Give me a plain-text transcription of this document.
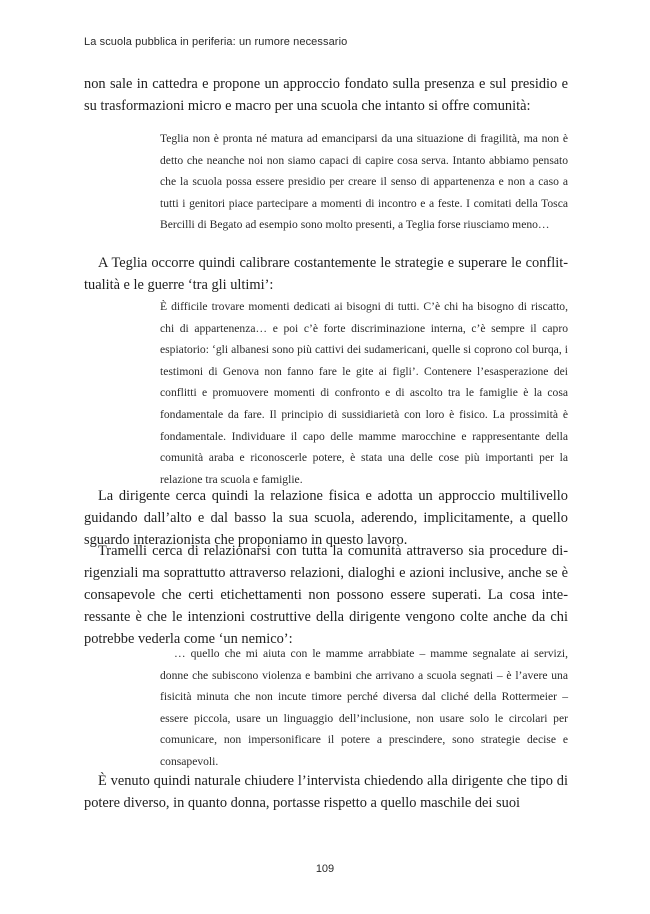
La scuola pubblica in periferia: un rumore necessario

non sale in cattedra e propone un approccio fondato sulla presenza e sul presidio e su trasformazioni micro e macro per una scuola che intanto si offre comunità:

Teglia non è pronta né matura ad emanciparsi da una situazione di fragilità, ma non è detto che neanche noi non siamo capaci di capire cosa serva. Intanto abbiamo pensato che la scuola possa essere presidio per creare il senso di appartenenza e non a caso a tutti i genitori piace partecipare a momenti di incontro e a feste. I comitati della Tosca Bercilli di Begato ad esempio sono molto presenti, a Teglia forse riusciamo meno…

A Teglia occorre quindi calibrare costantemente le strategie e superare le conflittualità e le guerre ‘tra gli ultimi’:

È difficile trovare momenti dedicati ai bisogni di tutti. C’è chi ha bisogno di riscatto, chi di appartenenza… e poi c’è forte discriminazione interna, c’è sempre il capro espiatorio: ‘gli albanesi sono più cattivi dei sudamericani, quelle si coprono col burqa, i testimoni di Genova non fanno fare le gite ai figli’. Contenere l’esasperazione dei conflitti e promuovere momenti di confronto e di ascolto tra le famiglie è la cosa fondamentale da fare. Il principio di sussidiarietà con loro è fisico. La prossimità è fondamentale. Individuare il capo delle mamme marocchine e rappresentante della comunità araba e riconoscerle potere, è stata una delle cose più importanti per la relazione tra scuola e famiglie.

La dirigente cerca quindi la relazione fisica e adotta un approccio multilivello guidando dall’alto e dal basso la sua scuola, aderendo, implicitamente, a quello sguardo interazionista che proponiamo in questo lavoro.

Tramelli cerca di relazionarsi con tutta la comunità attraverso sia procedure dirigenziali ma soprattutto attraverso relazioni, dialoghi e azioni inclusive, anche se è consapevole che certi etichettamenti non possono essere superati. La cosa interessante è che le intenzioni costruttive della dirigente vengono colte anche da chi potrebbe vederla come ‘un nemico’:

… quello che mi aiuta con le mamme arrabbiate – mamme segnalate ai servizi, donne che subiscono violenza e bambini che arrivano a scuola segnati – è l’avere una fisicità minuta che non incute timore perché diversa dal cliché della Rottermeier – essere piccola, usare un linguaggio dell’inclusione, non usare solo le circolari per comunicare, non impersonificare il potere a prescindere, sono strategie decise e consapevoli.

È venuto quindi naturale chiudere l’intervista chiedendo alla dirigente che tipo di potere diverso, in quanto donna, portasse rispetto a quello maschile dei suoi

109
